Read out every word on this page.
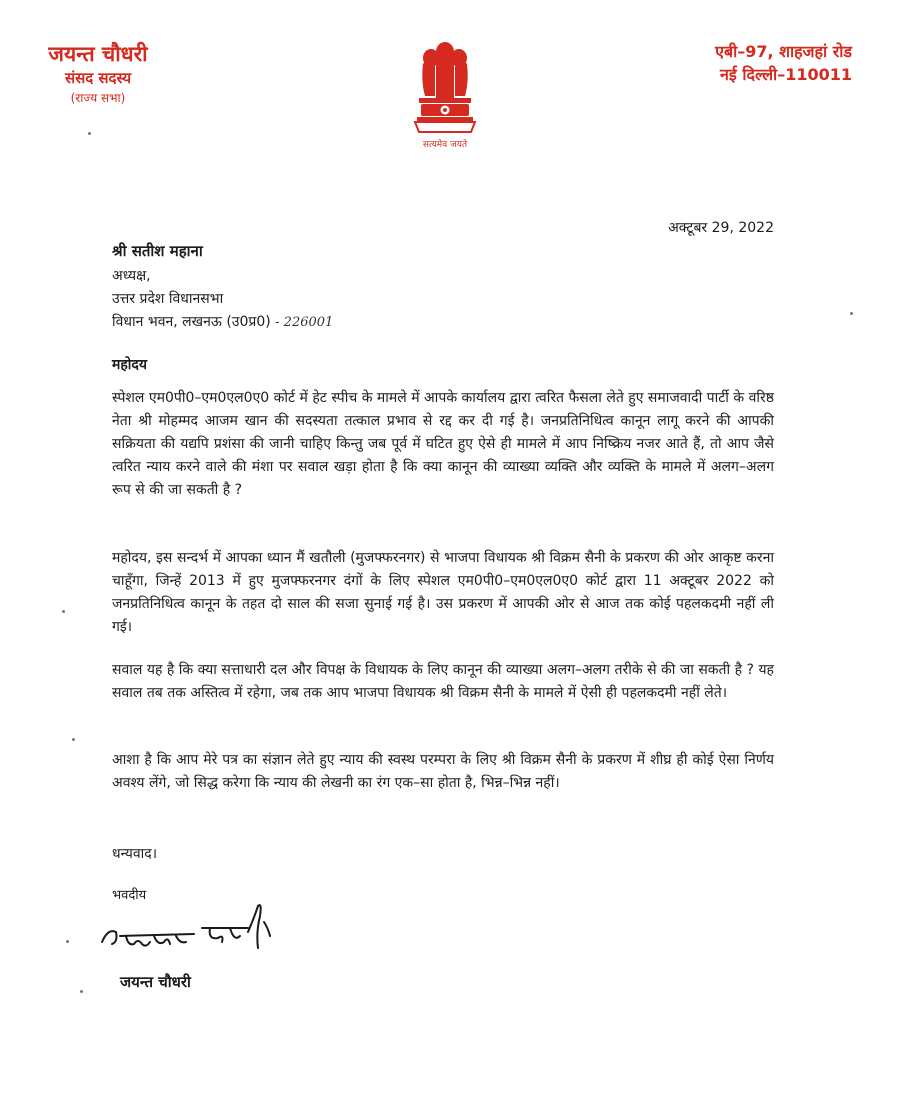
जयन्त चौधरी
संसद सदस्य
(राज्य सभा)
सत्यमेव जयते
एबी–97, शाहजहां रोड
नई दिल्ली–110011
अक्टूबर 29, 2022
श्री सतीश महाना
अध्यक्ष,
उत्तर प्रदेश विधानसभा
विधान भवन, लखनऊ (उ0प्र0) - 226001
महोदय

स्पेशल एम0पी0–एम0एल0ए0 कोर्ट में हेट स्पीच के मामले में आपके कार्यालय द्वारा त्वरित फैसला लेते हुए समाजवादी पार्टी के वरिष्ठ नेता श्री मोहम्मद आजम खान की सदस्यता तत्काल प्रभाव से रद्द कर दी गई है। जनप्रतिनिधित्व कानून लागू करने की आपकी सक्रियता की यद्यपि प्रशंसा की जानी चाहिए किन्तु जब पूर्व में घटित हुए ऐसे ही मामले में आप निष्क्रिय नजर आते हैं, तो आप जैसे त्वरित न्याय करने वाले की मंशा पर सवाल खड़ा होता है कि क्या कानून की व्याख्या व्यक्ति और व्यक्ति के मामले में अलग–अलग रूप से की जा सकती है ?

महोदय, इस सन्दर्भ में आपका ध्यान मैं खतौली (मुजफ्फरनगर) से भाजपा विधायक श्री विक्रम सैनी के प्रकरण की ओर आकृष्ट करना चाहूँगा, जिन्हें 2013 में हुए मुजफ्फरनगर दंगों के लिए स्पेशल एम0पी0–एम0एल0ए0 कोर्ट द्वारा 11 अक्टूबर 2022 को जनप्रतिनिधित्व कानून के तहत दो साल की सजा सुनाई गई है। उस प्रकरण में आपकी ओर से आज तक कोई पहलकदमी नहीं ली गई।

सवाल यह है कि क्या सत्ताधारी दल और विपक्ष के विधायक के लिए कानून की व्याख्या अलग–अलग तरीके से की जा सकती है ? यह सवाल तब तक अस्तित्व में रहेगा, जब तक आप भाजपा विधायक श्री विक्रम सैनी के मामले में ऐसी ही पहलकदमी नहीं लेते।

आशा है कि आप मेरे पत्र का संज्ञान लेते हुए न्याय की स्वस्थ परम्परा के लिए श्री विक्रम सैनी के प्रकरण में शीघ्र ही कोई ऐसा निर्णय अवश्य लेंगे, जो सिद्ध करेगा कि न्याय की लेखनी का रंग एक–सा होता है, भिन्न–भिन्न नहीं।

धन्यवाद।
भवदीय
जयन्त चौधरी
